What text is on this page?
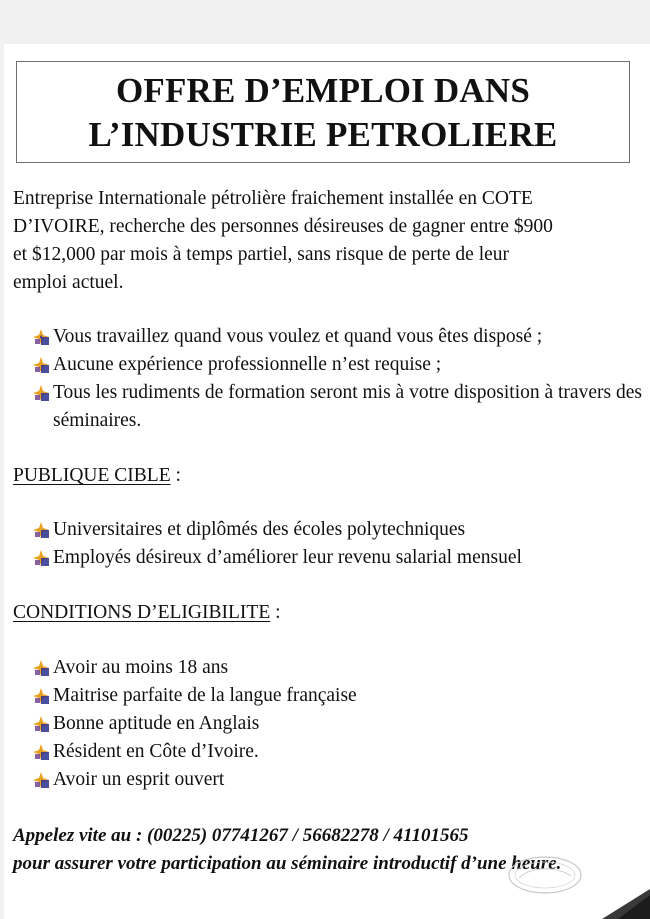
OFFRE D’EMPLOI DANS
L’INDUSTRIE PETROLIERE
Entreprise Internationale pétrolière fraichement installée en COTE
D’IVOIRE, recherche des personnes désireuses de gagner entre $900
et $12,000 par mois à temps partiel, sans risque de perte de leur
emploi actuel.
Vous travaillez quand vous voulez et quand vous êtes disposé ;
Aucune expérience professionnelle n’est requise ;
Tous les rudiments de formation seront mis à votre disposition à travers des séminaires.
PUBLIQUE CIBLE :
Universitaires et diplômés des écoles polytechniques
Employés désireux d’améliorer leur revenu salarial mensuel
CONDITIONS D’ELIGIBILITE :
Avoir au moins 18 ans
Maitrise parfaite de la langue française
Bonne aptitude en Anglais
Résident en Côte d’Ivoire.
Avoir un esprit ouvert
Appelez vite au : (00225) 07741267 / 56682278 / 41101565
pour assurer votre participation au séminaire introductif d’une heure.
